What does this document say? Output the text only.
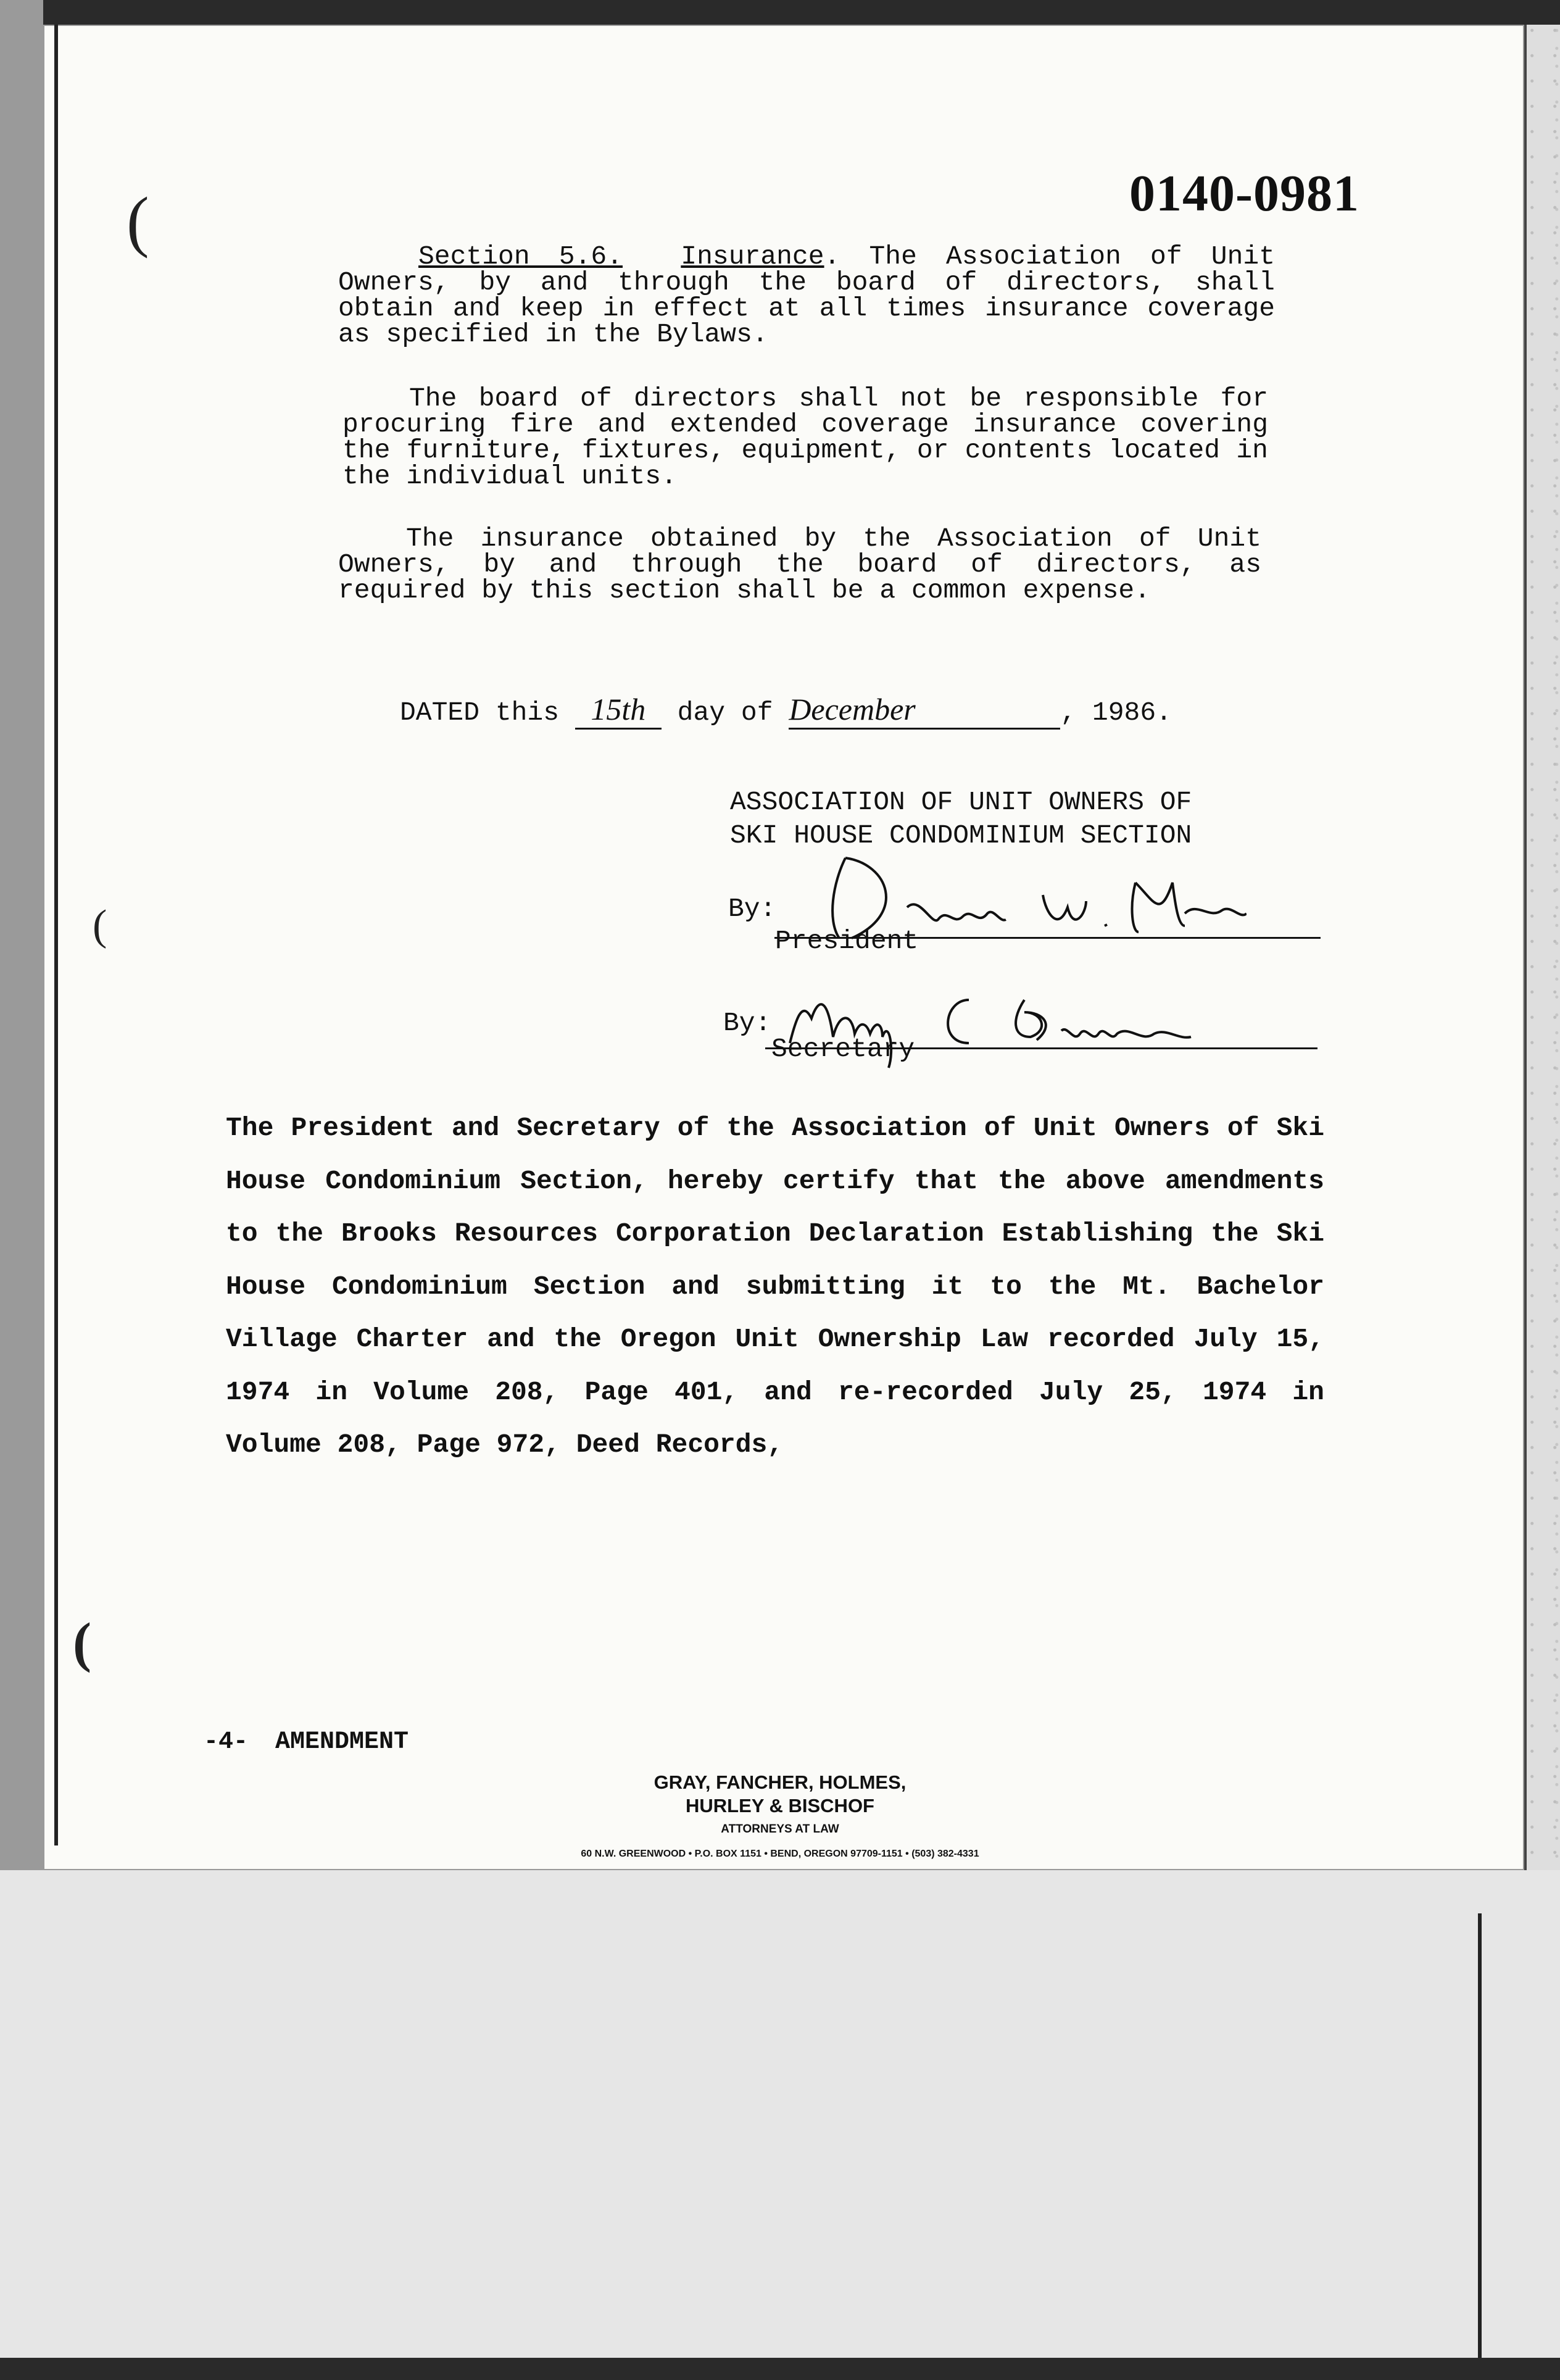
(
(
(
0140-0981
Section 5.6. Insurance. The Association of Unit Owners, by and through the board of directors, shall obtain and keep in effect at all times insurance coverage as specified in the Bylaws.
The board of directors shall not be responsible for procuring fire and extended coverage insurance covering the furniture, fixtures, equipment, or contents located in the individual units.
The insurance obtained by the Association of Unit Owners, by and through the board of directors, as required by this section shall be a common expense.
DATED this 15th day of December	, 1986.
ASSOCIATION OF UNIT OWNERS OF
SKI HOUSE CONDOMINIUM SECTION
By:
President
By:
Secretary
The President and Secretary of the Association of Unit Owners of Ski House Condominium Section, hereby certify that the above amendments to the Brooks Resources Corporation Declaration Establishing the Ski House Condominium Section and submitting it to the Mt. Bachelor Village Charter and the Oregon Unit Ownership Law recorded July 15, 1974 in Volume 208, Page 401, and re-recorded July 25, 1974 in Volume 208, Page 972, Deed Records,
-4- AMENDMENT
GRAY, FANCHER, HOLMES,
HURLEY & BISCHOF
ATTORNEYS AT LAW
60 N.W. GREENWOOD • P.O. BOX 1151 • BEND, OREGON 97709-1151 • (503) 382-4331
